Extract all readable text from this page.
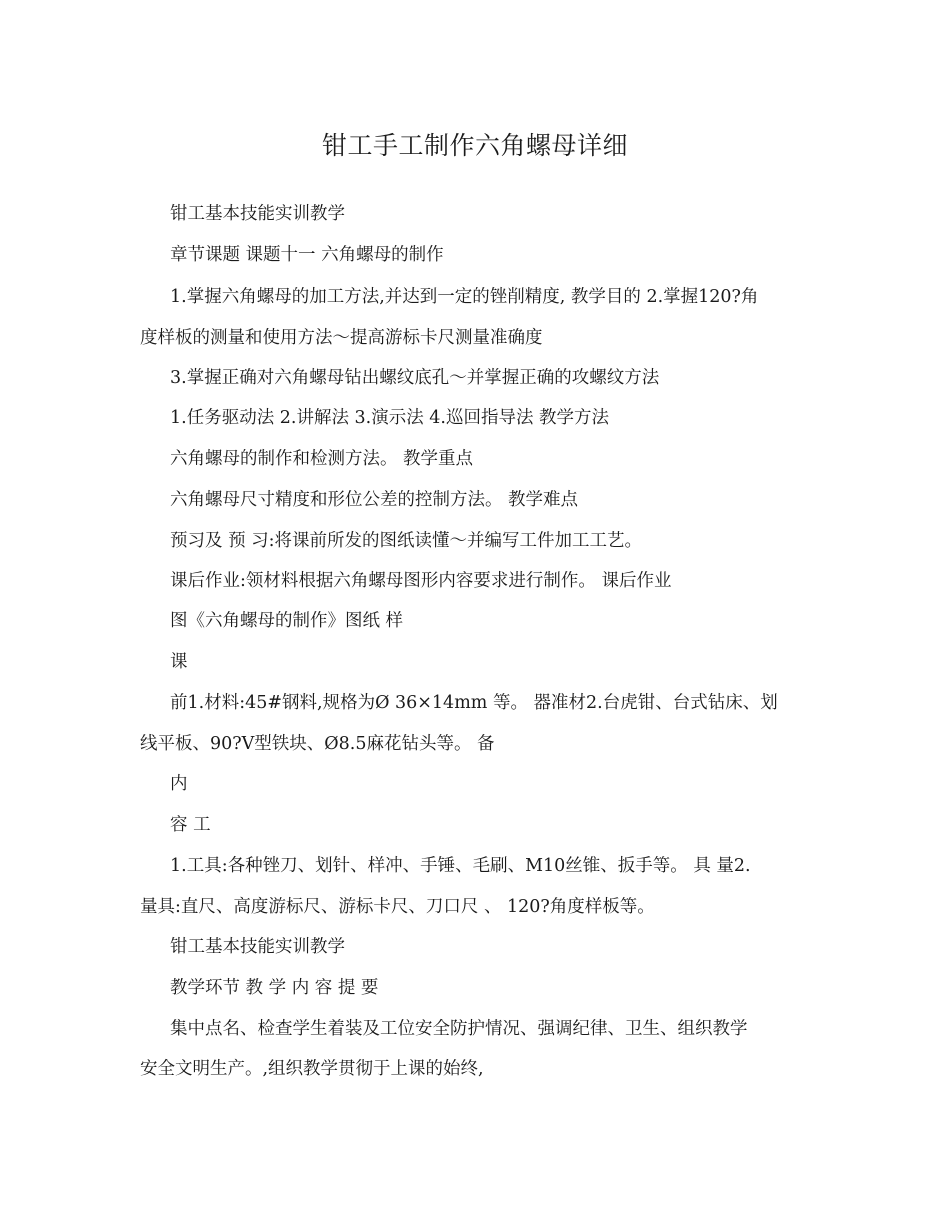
钳工手工制作六角螺母详细
钳工基本技能实训教学
章节课题 课题十一 六角螺母的制作
1.掌握六角螺母的加工方法,并达到一定的锉削精度, 教学目的 2.掌握120?角
度样板的测量和使用方法～提高游标卡尺测量准确度
3.掌握正确对六角螺母钻出螺纹底孔～并掌握正确的攻螺纹方法
1.任务驱动法 2.讲解法 3.演示法 4.巡回指导法 教学方法
六角螺母的制作和检测方法。 教学重点
六角螺母尺寸精度和形位公差的控制方法。 教学难点
预习及 预 习:将课前所发的图纸读懂～并编写工件加工工艺。
课后作业:领材料根据六角螺母图形内容要求进行制作。 课后作业
图《六角螺母的制作》图纸 样
课
前1.材料:45#钢料,规格为Ø 36×14mm 等。 器准材2.台虎钳、台式钻床、划
线平板、90?V型铁块、Ø8.5麻花钻头等。 备
内
容 工
1.工具:各种锉刀、划针、样冲、手锤、毛刷、M10丝锥、扳手等。 具 量2.
量具:直尺、高度游标尺、游标卡尺、刀口尺 、 120?角度样板等。
钳工基本技能实训教学
教学环节 教 学 内 容 提 要
集中点名、检查学生着装及工位安全防护情况、强调纪律、卫生、组织教学
安全文明生产。,组织教学贯彻于上课的始终,
